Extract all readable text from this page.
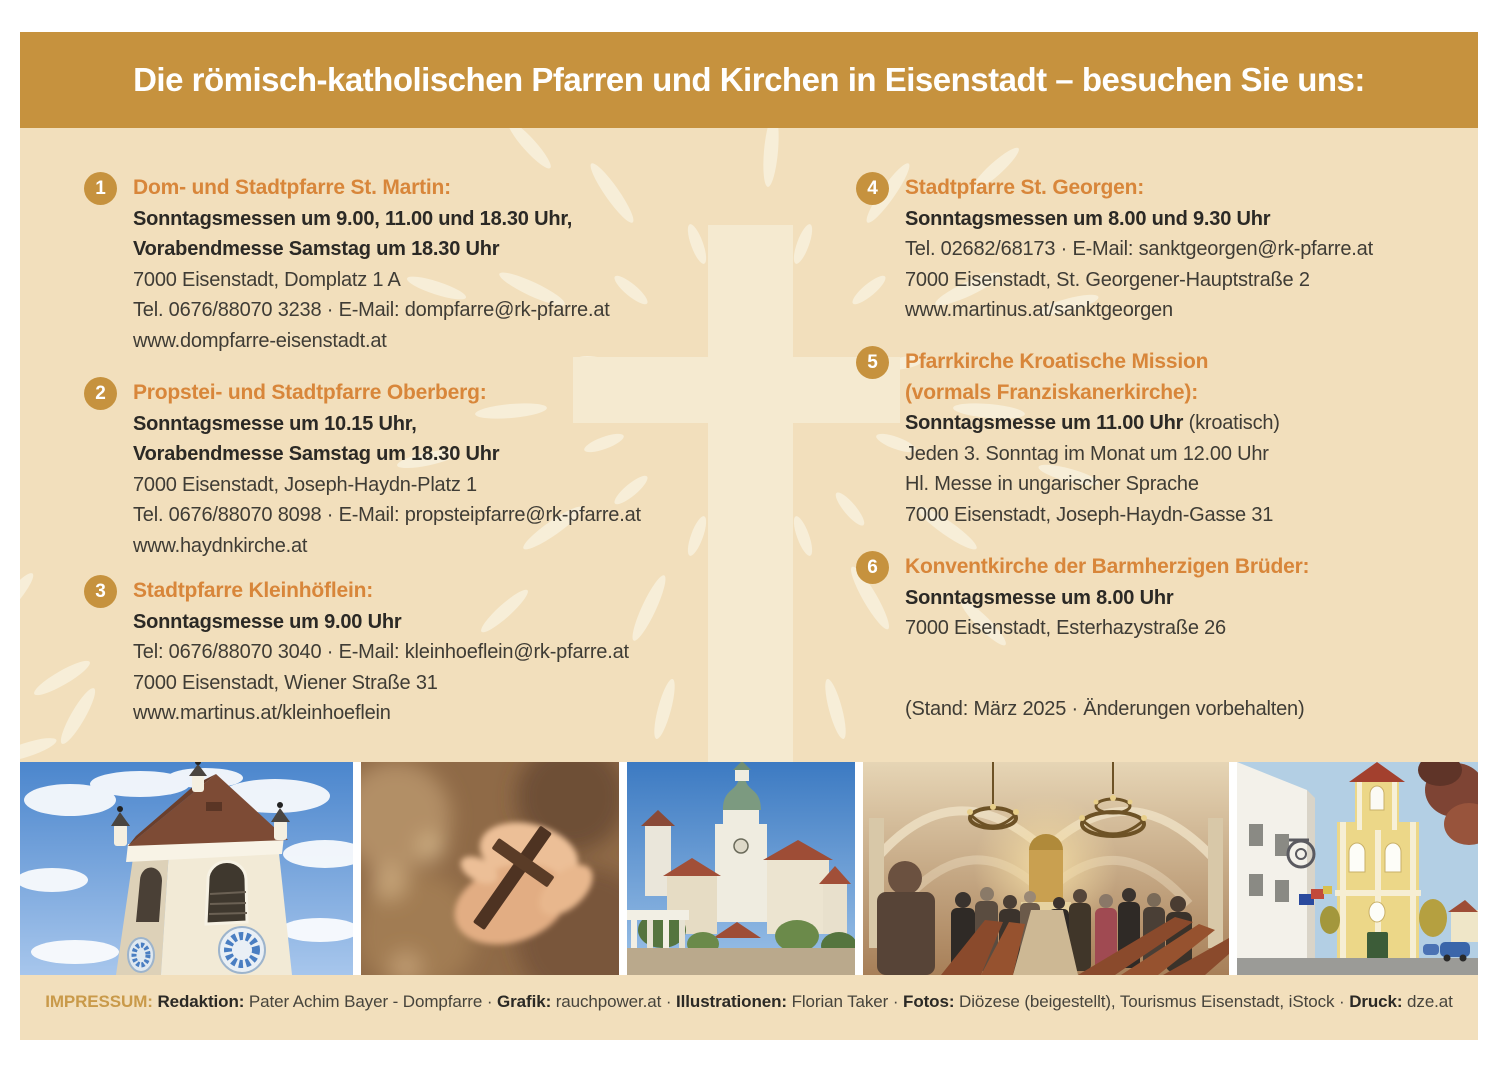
Die römisch-katholischen Pfarren und Kirchen in Eisenstadt – besuchen Sie uns:
1	Dom- und Stadtpfarre St. Martin:
Sonntagsmessen um 9.00, 11.00 und 18.30 Uhr,
Vorabendmesse Samstag um 18.30 Uhr
7000 Eisenstadt, Domplatz 1 A
Tel. 0676/88070 3238 · E-Mail: dompfarre@rk-pfarre.at
www.dompfarre-eisenstadt.at
2	Propstei- und Stadtpfarre Oberberg:
Sonntagsmesse um 10.15 Uhr,
Vorabendmesse Samstag um 18.30 Uhr
7000 Eisenstadt, Joseph-Haydn-Platz 1
Tel. 0676/88070 8098 · E-Mail: propsteipfarre@rk-pfarre.at
www.haydnkirche.at
3	Stadtpfarre Kleinhöflein:
Sonntagsmesse um 9.00 Uhr
Tel: 0676/88070 3040 · E-Mail: kleinhoeflein@rk-pfarre.at
7000 Eisenstadt, Wiener Straße 31
www.martinus.at/kleinhoeflein
4	Stadtpfarre St. Georgen:
Sonntagsmessen um 8.00 und 9.30 Uhr
Tel. 02682/68173 · E-Mail: sanktgeorgen@rk-pfarre.at
7000 Eisenstadt, St. Georgener-Hauptstraße 2
www.martinus.at/sanktgeorgen
5	Pfarrkirche Kroatische Mission
(vormals Franziskanerkirche):
Sonntagsmesse um 11.00 Uhr (kroatisch)
Jeden 3. Sonntag im Monat um 12.00 Uhr
Hl. Messe in ungarischer Sprache
7000 Eisenstadt, Joseph-Haydn-Gasse 31
6	Konventkirche der Barmherzigen Brüder:
Sonntagsmesse um 8.00 Uhr
7000 Eisenstadt, Esterhazystraße 26
(Stand: März 2025 · Änderungen vorbehalten)
IMPRESSUM: Redaktion: Pater Achim Bayer - Dompfarre · Grafik: rauchpower.at · Illustrationen: Florian Taker · Fotos: Diözese (beigestellt), Tourismus Eisenstadt, iStock · Druck: dze.at
